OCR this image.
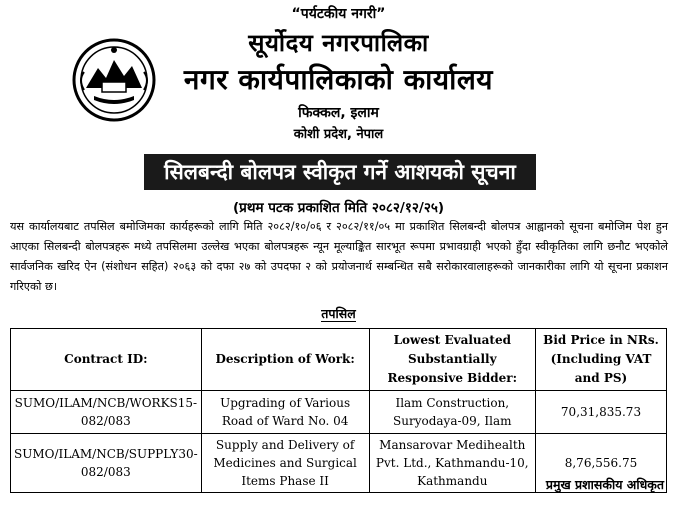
“पर्यटकीय नगरी”
सूर्योदय नगरपालिका
नगर कार्यपालिकाको कार्यालय
फिक्कल, इलाम
कोशी प्रदेश, नेपाल
सिलबन्दी बोलपत्र स्वीकृत गर्ने आशयको सूचना
(प्रथम पटक प्रकाशित मिति २०८२/१२/२५)
यस कार्यालयबाट तपसिल बमोजिमका कार्यहरूको लागि मिति २०८२/१०/०६ र २०८२/११/०५ मा प्रकाशित सिलबन्दी बोलपत्र आह्वानको सूचना बमोजिम पेश हुन आएका सिलबन्दी बोलपत्रहरू मध्ये तपसिलमा उल्लेख भएका बोलपत्रहरू न्यून मूल्याङ्कित सारभूत रूपमा प्रभावग्राही भएको हुँदा स्वीकृतिका लागि छनौट भएकोले सार्वजनिक खरिद ऐन (संशोधन सहित) २०६३ को दफा २७ को उपदफा २ को प्रयोजनार्थ सम्बन्धित सबै सरोकारवालाहरूको जानकारीका लागि यो सूचना प्रकाशन गरिएको छ।
तपसिल
Contract ID:	Description of Work:	Lowest Evaluated Substantially Responsive Bidder:	Bid Price in NRs. (Including VAT and PS)
SUMO/ILAM/NCB/WORKS15-082/083	Upgrading of Various Road of Ward No. 04	Ilam Construction, Suryodaya-09, Ilam	70,31,835.73
SUMO/ILAM/NCB/SUPPLY30-082/083	Supply and Delivery of Medicines and Surgical Items Phase II	Mansarovar Medihealth Pvt. Ltd., Kathmandu-10, Kathmandu	8,76,556.75
प्रमुख प्रशासकीय अधिकृत
